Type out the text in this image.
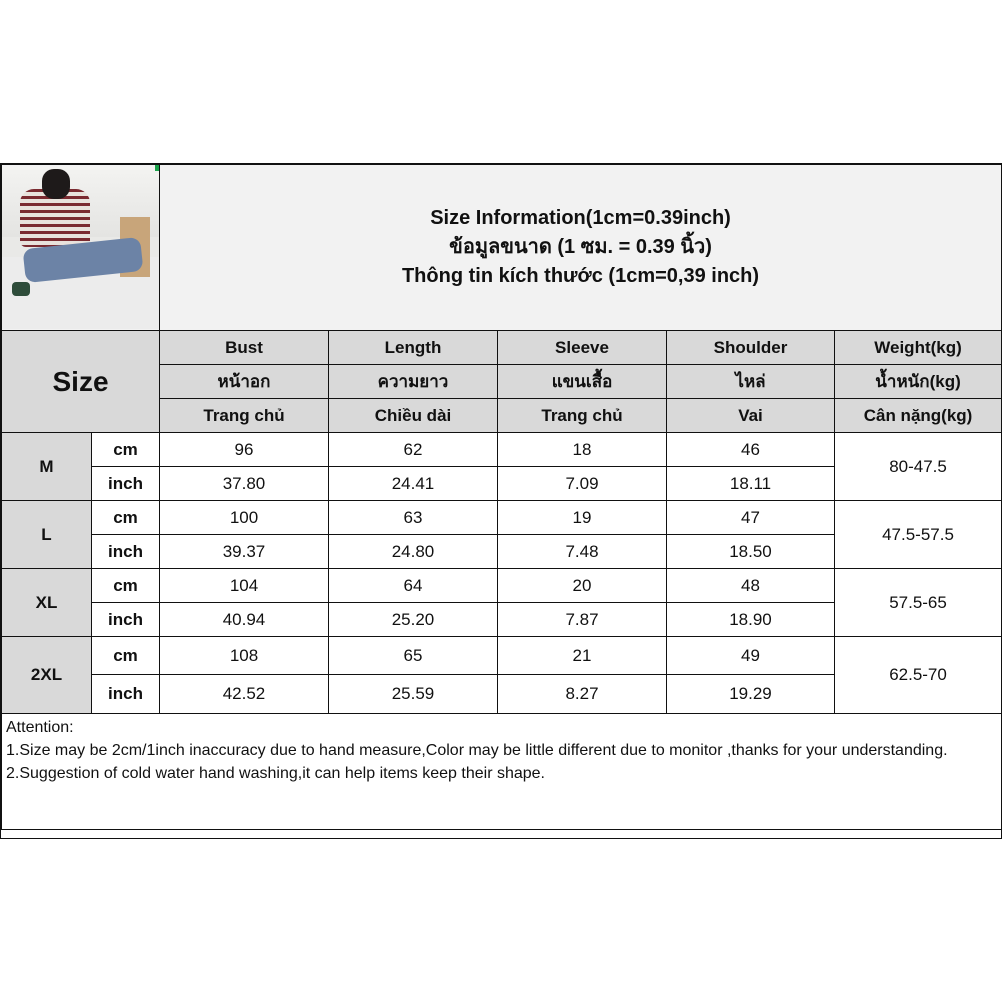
		Size Information(1cm=0.39inch)
ข้อมูลขนาด (1 ซม. = 0.39 นิ้ว)
Thông tin kích thước (1cm=0,39 inch)				

Size		Bust	Length	Sleeve	Shoulder	Weight(kg)
		หน้าอก	ความยาว	แขนเสื้อ	ไหล่	น้ำหนัก(kg)
		Trang chủ	Chiều dài	Trang chủ	Vai	Cân nặng(kg)
M	cm	96	62	18	46	80-47.5
	inch	37.80	24.41	7.09	18.11	
L	cm	100	63	19	47	47.5-57.5
	inch	39.37	24.80	7.48	18.50	
XL	cm	104	64	20	48	57.5-65
	inch	40.94	25.20	7.87	18.90	
2XL	cm	108	65	21	49	62.5-70
	inch	42.52	25.59	8.27	19.29	

Attention:
1.Size may be 2cm/1inch inaccuracy due to hand measure,Color may be little different due to monitor ,thanks for your understanding.
2.Suggestion of cold water hand washing,it can help items keep their shape.						
